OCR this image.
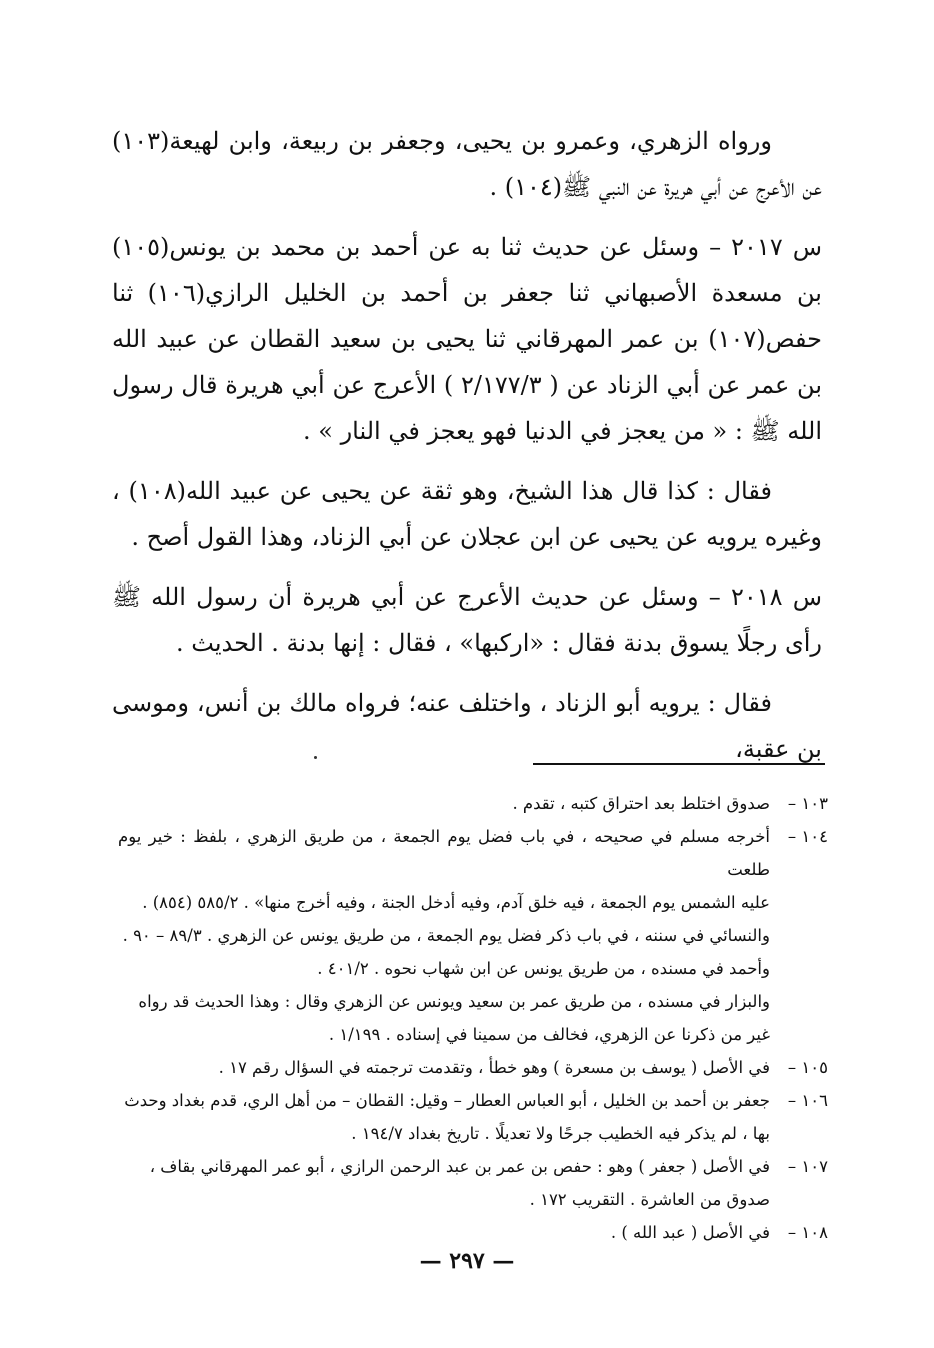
ورواه الزهري، وعمرو بن يحيى، وجعفر بن ربيعة، وابن لهيعة(١٠٣) عن الأعرج عن أبي هريرة عن النبي ﷺ(١٠٤) .

س ٢٠١٧ – وسئل عن حديث ثنا به عن أحمد بن محمد بن يونس(١٠٥) بن مسعدة الأصبهاني ثنا جعفر بن أحمد بن الخليل الرازي(١٠٦) ثنا حفص(١٠٧) بن عمر المهرقاني ثنا يحيى بن سعيد القطان عن عبيد الله بن عمر عن أبي الزناد عن ( ٢/١٧٧/٣ ) الأعرج عن أبي هريرة قال رسول الله ﷺ : « من يعجز في الدنيا فهو يعجز في النار » .

فقال : كذا قال هذا الشيخ، وهو ثقة عن يحيى عن عبيد الله(١٠٨) ، وغيره يرويه عن يحيى عن ابن عجلان عن أبي الزناد، وهذا القول أصح .

س ٢٠١٨ – وسئل عن حديث الأعرج عن أبي هريرة أن رسول الله ﷺ رأى رجلًا يسوق بدنة فقال : «اركبها» ، فقال : إنها بدنة . الحديث .

فقال : يرويه أبو الزناد ، واختلف عنه؛ فرواه مالك بن أنس، وموسى بن عقبة،

١٠٣ –
صدوق اختلط بعد احتراق كتبه ، تقدم .
١٠٤ –
أخرجه مسلم في صحيحه ، في باب فضل يوم الجمعة ، من طريق الزهري ، بلفظ : خير يوم طلعت
عليه الشمس يوم الجمعة ، فيه خلق آدم، وفيه أدخل الجنة ، وفيه أخرج منها» . ٥٨٥/٢ (٨٥٤) .
والنسائي في سننه ، في باب ذكر فضل يوم الجمعة ، من طريق يونس عن الزهري . ٨٩/٣ – ٩٠ .
وأحمد في مسنده ، من طريق يونس عن ابن شهاب نحوه . ٤٠١/٢ .
والبزار في مسنده ، من طريق عمر بن سعيد ويونس عن الزهري وقال : وهذا الحديث قد رواه
غير من ذكرنا عن الزهري، فخالف من سمينا في إسناده . ١/١٩٩ .
١٠٥ –
في الأصل ( يوسف بن مسعرة ) وهو خطأ ، وتقدمت ترجمته في السؤال رقم ١٧ .
١٠٦ –
جعفر بن أحمد بن الخليل ، أبو العباس العطار – وقيل: القطان – من أهل الري، قدم بغداد وحدث
بها ، لم يذكر فيه الخطيب جرحًا ولا تعديلًا . تاريخ بغداد ١٩٤/٧ .
١٠٧ –
في الأصل ( جعفر ) وهو : حفص بن عمر بن عبد الرحمن الرازي ، أبو عمر المهرقاني بقاف ،
صدوق من العاشرة . التقريب ١٧٢ .
١٠٨ –
في الأصل ( عبد الله ) .
— ٢٩٧ —
